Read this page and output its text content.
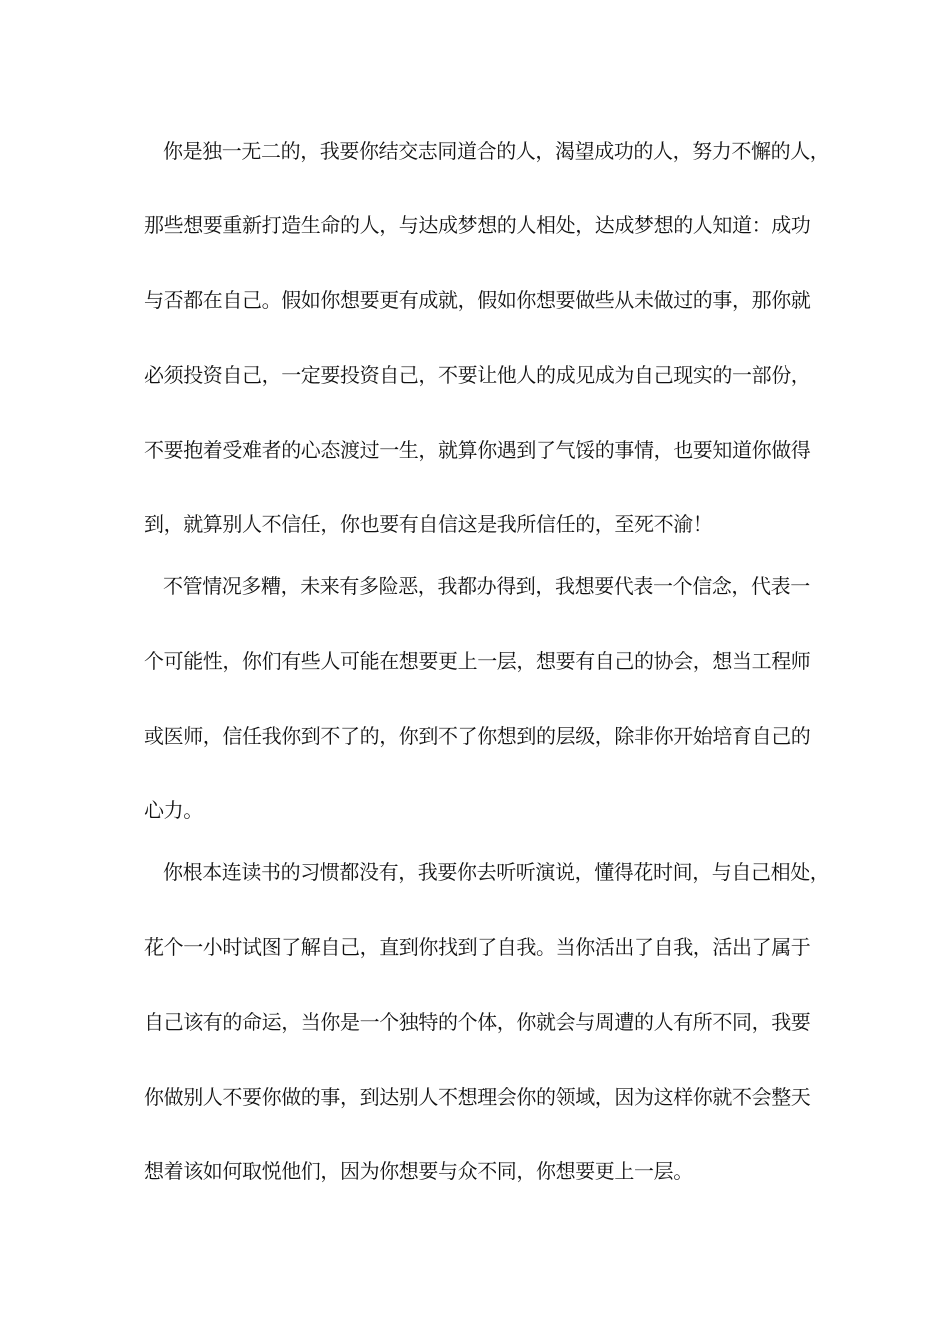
你是独一无二的，我要你结交志同道合的人，渴望成功的人，努力不懈的人，
那些想要重新打造生命的人，与达成梦想的人相处，达成梦想的人知道：成功
与否都在自己。假如你想要更有成就，假如你想要做些从未做过的事，那你就
必须投资自己，一定要投资自己，不要让他人的成见成为自己现实的一部份，
不要抱着受难者的心态渡过一生，就算你遇到了气馁的事情，也要知道你做得
到，就算别人不信任，你也要有自信这是我所信任的，至死不渝！
不管情况多糟，未来有多险恶，我都办得到，我想要代表一个信念，代表一
个可能性，你们有些人可能在想要更上一层，想要有自己的协会，想当工程师
或医师，信任我你到不了的，你到不了你想到的层级，除非你开始培育自己的
心力。
你根本连读书的习惯都没有，我要你去听听演说，懂得花时间，与自己相处，
花个一小时试图了解自己，直到你找到了自我。当你活出了自我，活出了属于
自己该有的命运，当你是一个独特的个体，你就会与周遭的人有所不同，我要
你做别人不要你做的事，到达别人不想理会你的领域，因为这样你就不会整天
想着该如何取悦他们，因为你想要与众不同，你想要更上一层。
